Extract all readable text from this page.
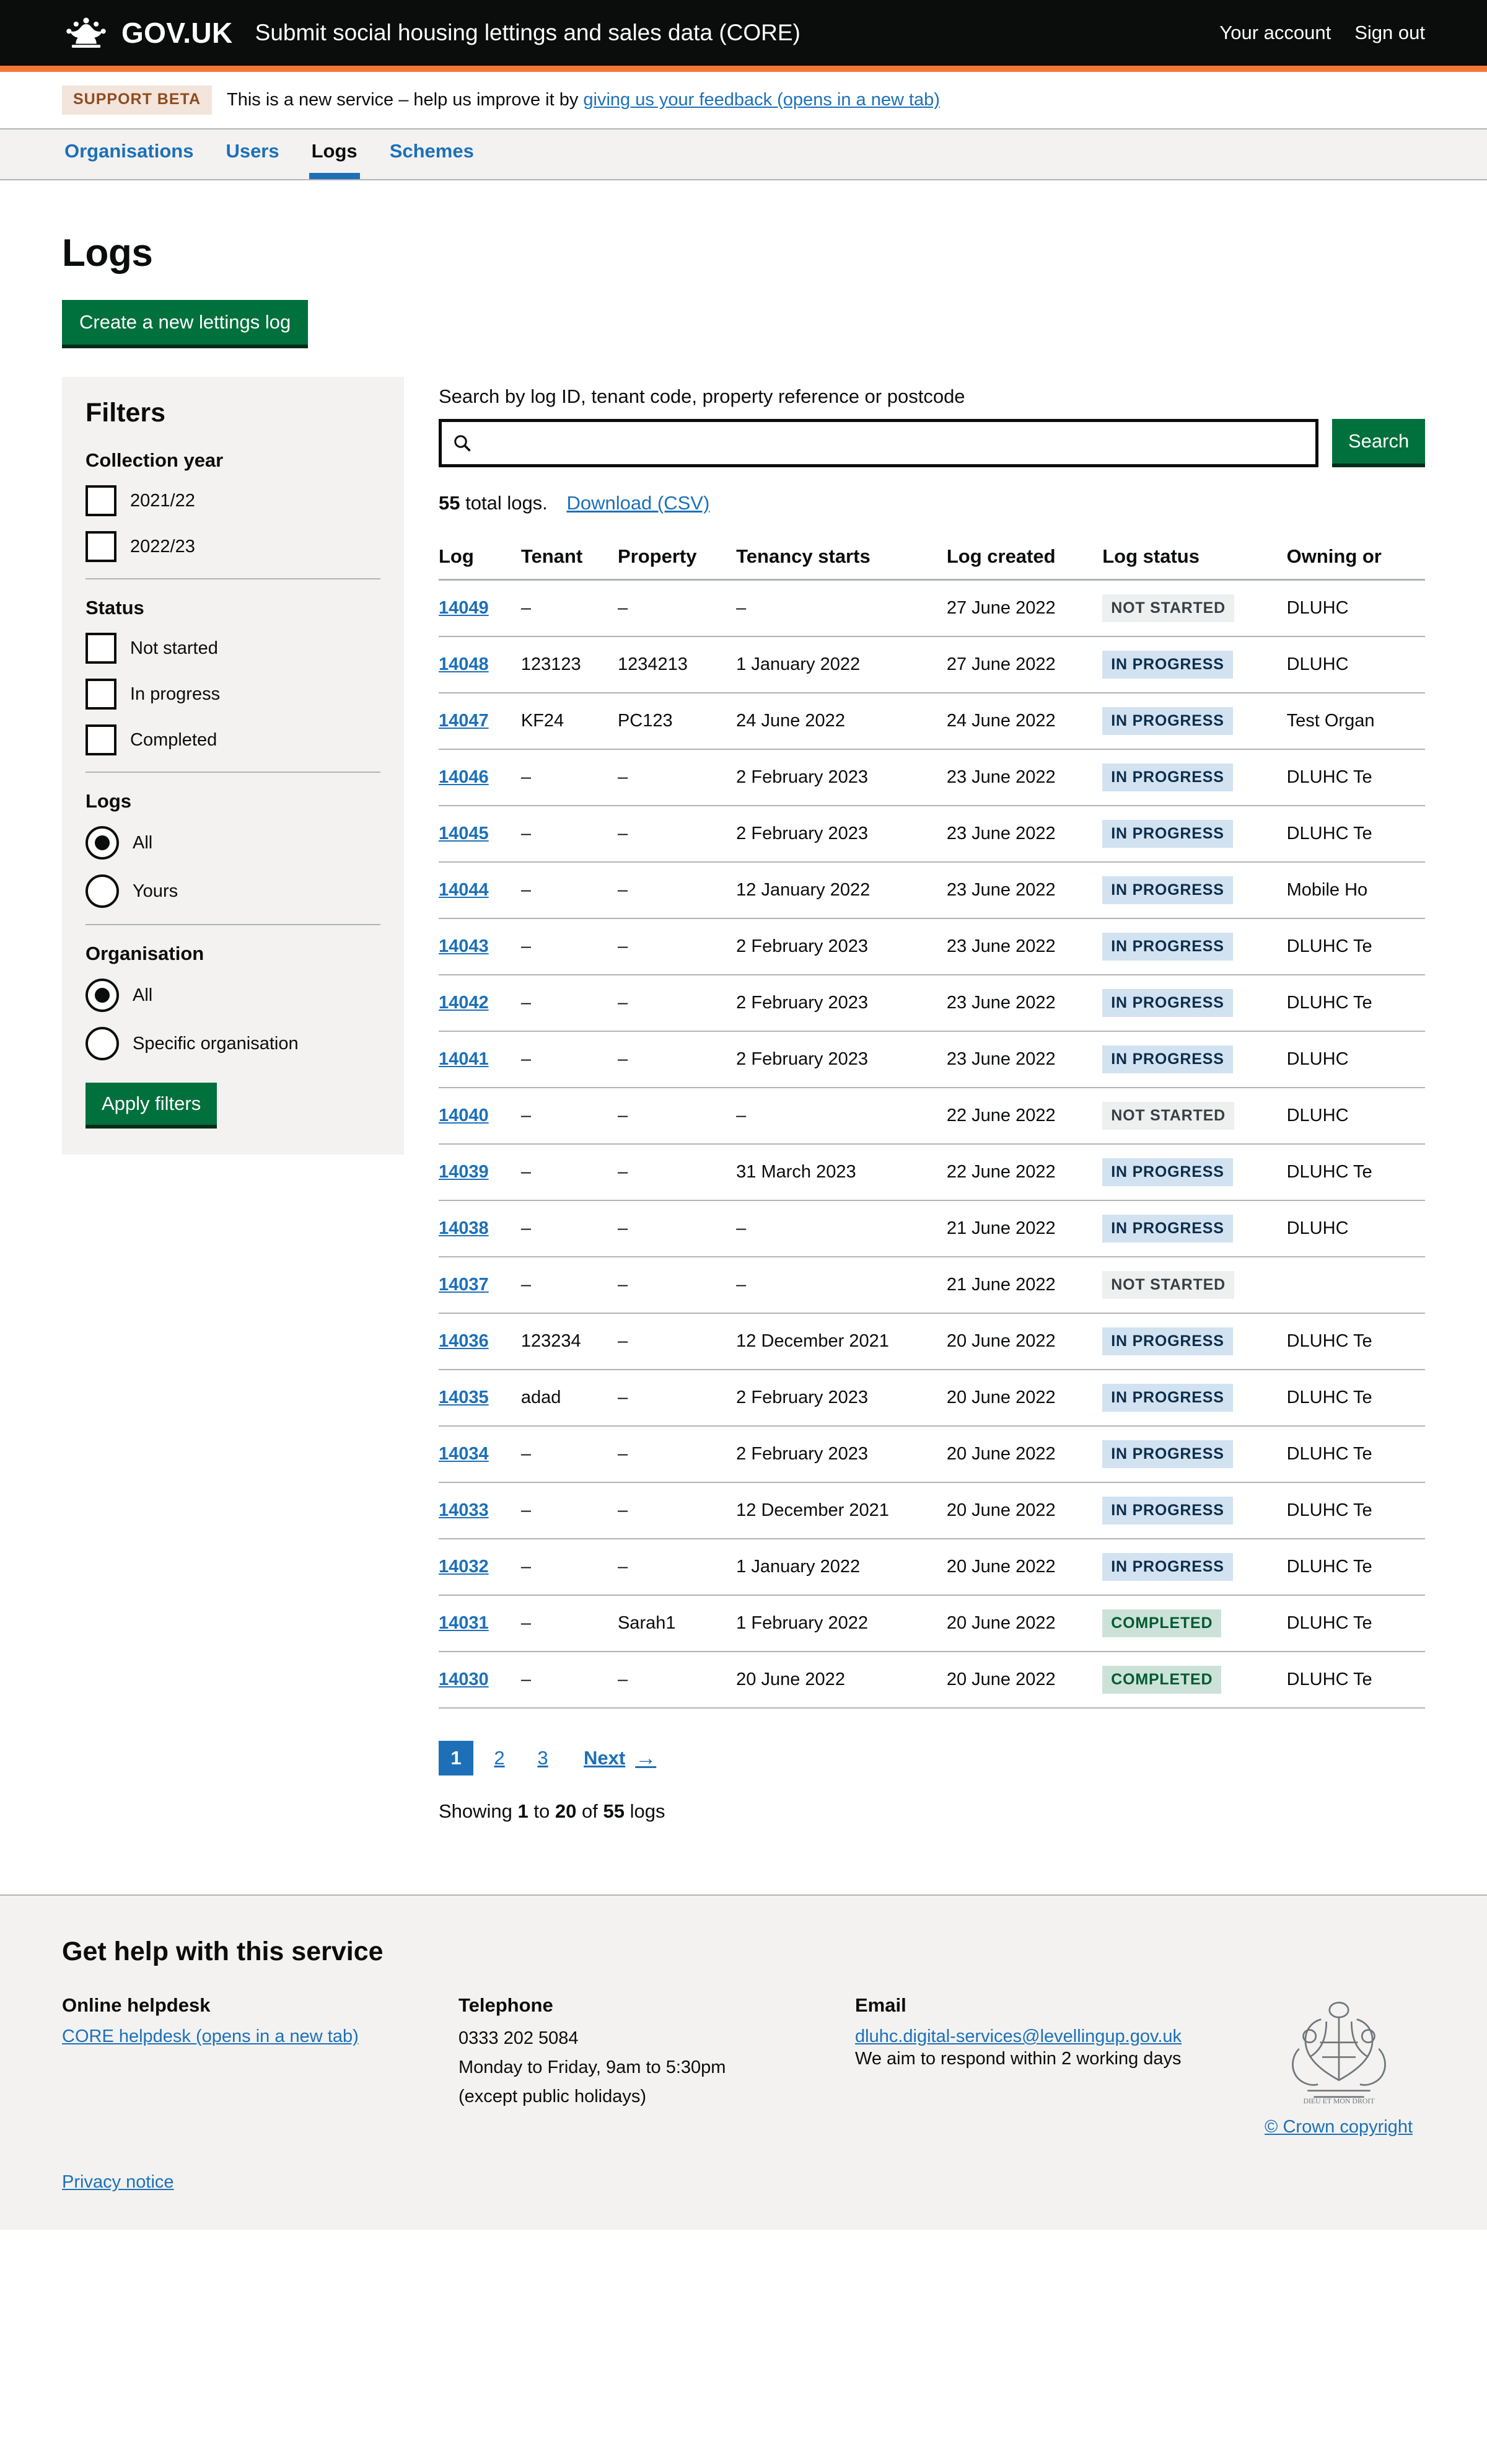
GOV.UK Submit social housing lettings and sales data (CORE)	Your account Sign out
SUPPORT BETA	This is a new service – help us improve it by giving us your feedback (opens in a new tab)
Organisations Users Logs Schemes
Logs
Create a new lettings log
Filters
Collection year
2021/22
2022/23
Status
Not started
In progress
Completed
Logs
All
Yours
Organisation
All
Specific organisation
Apply filters
Search by log ID, tenant code, property reference or postcode
Search
55 total logs. Download (CSV)
Log	Tenant	Property	Tenancy starts	Log created	Log status	Owning or
14049	–	–	–	27 June 2022	NOT STARTED	DLUHC
14048	123123	1234213	1 January 2022	27 June 2022	IN PROGRESS	DLUHC
14047	KF24	PC123	24 June 2022	24 June 2022	IN PROGRESS	Test Organ
14046	–	–	2 February 2023	23 June 2022	IN PROGRESS	DLUHC Te
14045	–	–	2 February 2023	23 June 2022	IN PROGRESS	DLUHC Te
14044	–	–	12 January 2022	23 June 2022	IN PROGRESS	Mobile Ho
14043	–	–	2 February 2023	23 June 2022	IN PROGRESS	DLUHC Te
14042	–	–	2 February 2023	23 June 2022	IN PROGRESS	DLUHC Te
14041	–	–	2 February 2023	23 June 2022	IN PROGRESS	DLUHC
14040	–	–	–	22 June 2022	NOT STARTED	DLUHC
14039	–	–	31 March 2023	22 June 2022	IN PROGRESS	DLUHC Te
14038	–	–	–	21 June 2022	IN PROGRESS	DLUHC
14037	–	–	–	21 June 2022	NOT STARTED	
14036	123234	–	12 December 2021	20 June 2022	IN PROGRESS	DLUHC Te
14035	adad	–	2 February 2023	20 June 2022	IN PROGRESS	DLUHC Te
14034	–	–	2 February 2023	20 June 2022	IN PROGRESS	DLUHC Te
14033	–	–	12 December 2021	20 June 2022	IN PROGRESS	DLUHC Te
14032	–	–	1 January 2022	20 June 2022	IN PROGRESS	DLUHC Te
14031	–	Sarah1	1 February 2022	20 June 2022	COMPLETED	DLUHC Te
14030	–	–	20 June 2022	20 June 2022	COMPLETED	DLUHC Te
1	2	3	Next →
Showing 1 to 20 of 55 logs
Get help with this service
Online helpdesk
CORE helpdesk (opens in a new tab)
Telephone

0333 202 5084

Monday to Friday, 9am to 5:30pm

(except public holidays)

Email
dluhc.digital-services@levellingup.gov.uk

We aim to respond within 2 working days

DIEU ET MON DROIT
© Crown copyright
Privacy notice
